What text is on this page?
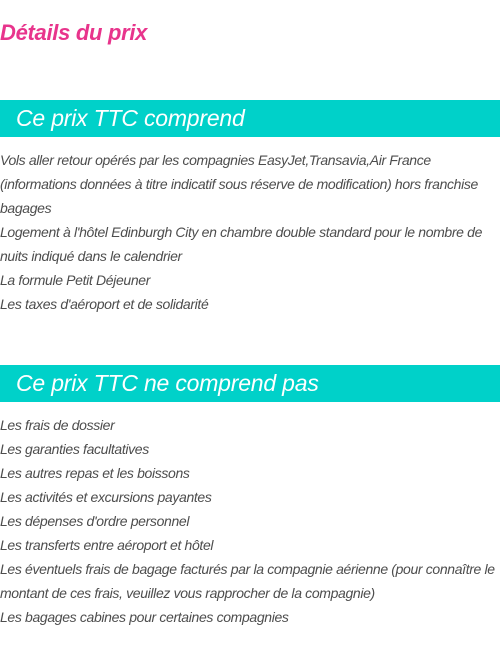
Détails du prix
Ce prix TTC comprend
Vols aller retour opérés par les compagnies EasyJet,Transavia,Air France (informations données à titre indicatif sous réserve de modification) hors franchise bagages
Logement à l'hôtel Edinburgh City en chambre double standard pour le nombre de nuits indiqué dans le calendrier
La formule Petit Déjeuner
Les taxes d'aéroport et de solidarité
Ce prix TTC ne comprend pas
Les frais de dossier
Les garanties facultatives
Les autres repas et les boissons
Les activités et excursions payantes
Les dépenses d'ordre personnel
Les transferts entre aéroport et hôtel
Les éventuels frais de bagage facturés par la compagnie aérienne (pour connaître le montant de ces frais, veuillez vous rapprocher de la compagnie)
Les bagages cabines pour certaines compagnies
